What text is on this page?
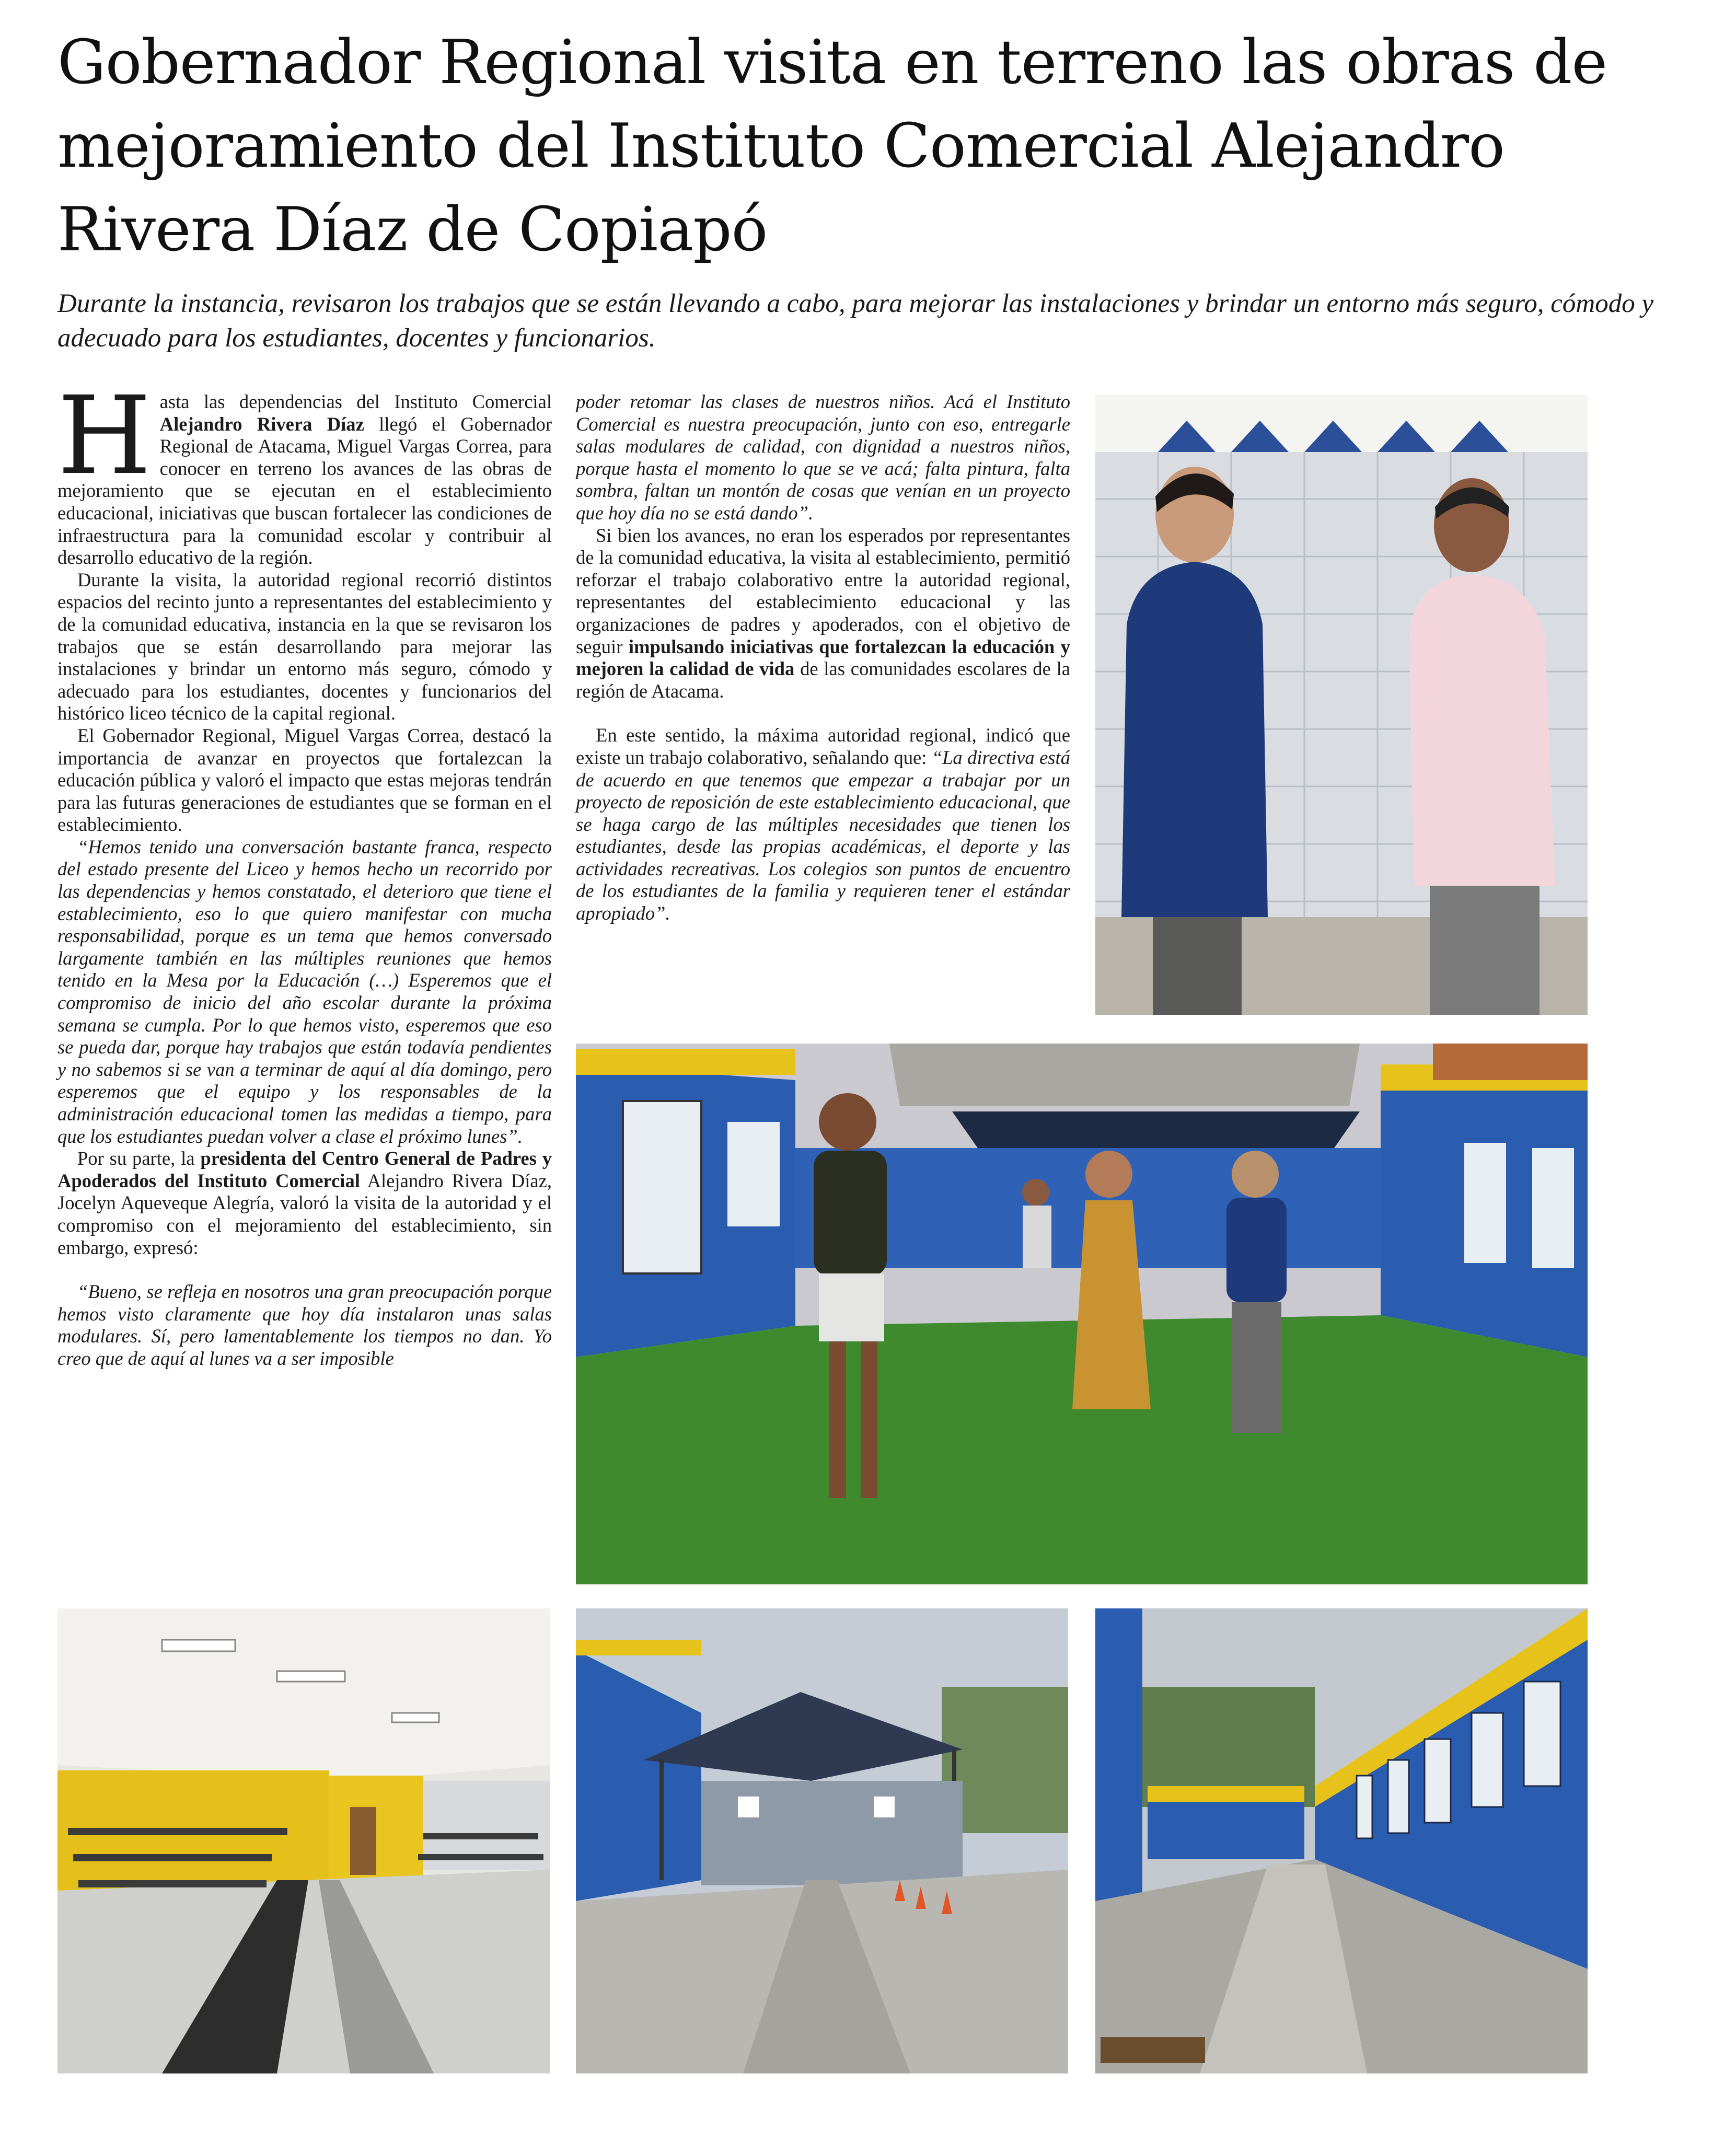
Gobernador Regional visita en terreno las obras de mejoramiento del Instituto Comercial Alejandro Rivera Díaz de Copiapó

Durante la instancia, revisaron los trabajos que se están llevando a cabo, para mejorar las instalaciones y brindar un entorno más seguro, cómodo y adecuado para los estudiantes, docentes y funcionarios.

Hasta las dependencias del Instituto Comercial Alejandro Rivera Díaz llegó el Gobernador Regional de Atacama, Miguel Vargas Correa, para conocer en terreno los avances de las obras de mejoramiento que se ejecutan en el establecimiento educacional, iniciativas que buscan fortalecer las condiciones de infraestructura para la comunidad escolar y contribuir al desarrollo educativo de la región.

Durante la visita, la autoridad regional recorrió distintos espacios del recinto junto a representantes del establecimiento y de la comunidad educativa, instancia en la que se revisaron los trabajos que se están desarrollando para mejorar las instalaciones y brindar un entorno más seguro, cómodo y adecuado para los estudiantes, docentes y funcionarios del histórico liceo técnico de la capital regional.

El Gobernador Regional, Miguel Vargas Correa, destacó la importancia de avanzar en proyectos que fortalezcan la educación pública y valoró el impacto que estas mejoras tendrán para las futuras generaciones de estudiantes que se forman en el establecimiento.

“Hemos tenido una conversación bastante franca, respecto del estado presente del Liceo y hemos hecho un recorrido por las dependencias y hemos constatado, el deterioro que tiene el establecimiento, eso lo que quiero manifestar con mucha responsabilidad, porque es un tema que hemos conversado largamente también en las múltiples reuniones que hemos tenido en la Mesa por la Educación (…) Esperemos que el compromiso de inicio del año escolar durante la próxima semana se cumpla. Por lo que hemos visto, esperemos que eso se pueda dar, porque hay trabajos que están todavía pendientes y no sabemos si se van a terminar de aquí al día domingo, pero esperemos que el equipo y los responsables de la administración educacional tomen las medidas a tiempo, para que los estudiantes puedan volver a clase el próximo lunes”.

Por su parte, la presidenta del Centro General de Padres y Apoderados del Instituto Comercial Alejandro Rivera Díaz, Jocelyn Aqueveque Alegría, valoró la visita de la autoridad y el compromiso con el mejoramiento del establecimiento, sin embargo, expresó:

“Bueno, se refleja en nosotros una gran preocupación porque hemos visto claramente que hoy día instalaron unas salas modulares. Sí, pero lamentablemente los tiempos no dan. Yo creo que de aquí al lunes va a ser imposible

poder retomar las clases de nuestros niños. Acá el Instituto Comercial es nuestra preocupación, junto con eso, entregarle salas modulares de calidad, con dignidad a nuestros niños, porque hasta el momento lo que se ve acá; falta pintura, falta sombra, faltan un montón de cosas que venían en un proyecto que hoy día no se está dando”.

Si bien los avances, no eran los esperados por representantes de la comunidad educativa, la visita al establecimiento, permitió reforzar el trabajo colaborativo entre la autoridad regional, representantes del establecimiento educacional y las organizaciones de padres y apoderados, con el objetivo de seguir impulsando iniciativas que fortalezcan la educación y mejoren la calidad de vida de las comunidades escolares de la región de Atacama.

En este sentido, la máxima autoridad regional, indicó que existe un trabajo colaborativo, señalando que: “La directiva está de acuerdo en que tenemos que empezar a trabajar por un proyecto de reposición de este establecimiento educacional, que se haga cargo de las múltiples necesidades que tienen los estudiantes, desde las propias académicas, el deporte y las actividades recreativas. Los colegios son puntos de encuentro de los estudiantes de la familia y requieren tener el estándar apropiado”.
